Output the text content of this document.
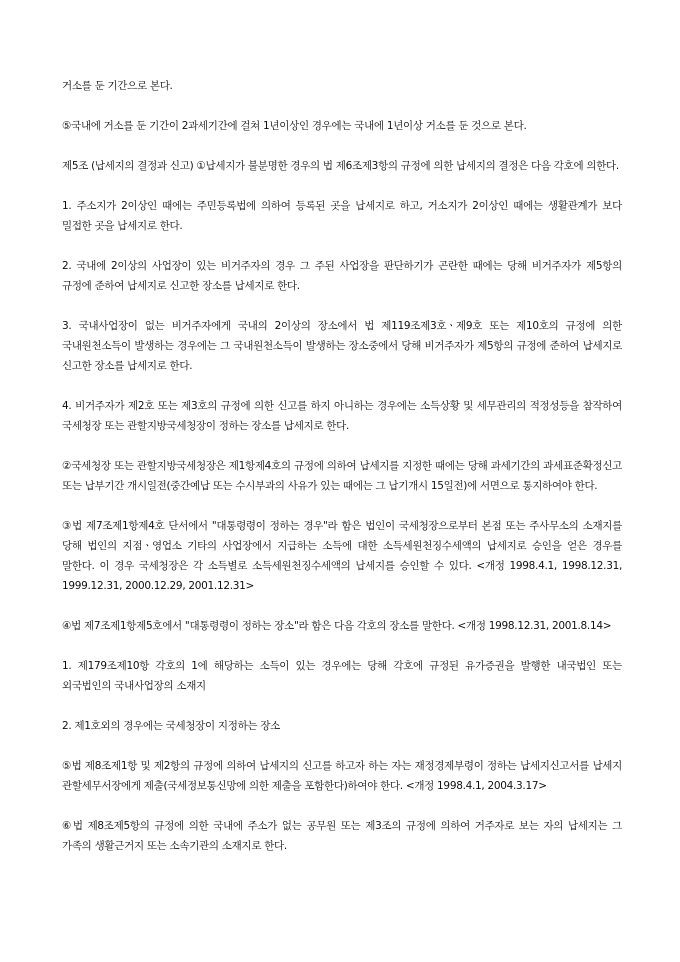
거소를 둔 기간으로 본다.

⑤국내에 거소를 둔 기간이 2과세기간에 걸쳐 1년이상인 경우에는 국내에 1년이상 거소를 둔 것으로 본다.

제5조 (납세지의 결정과 신고) ①납세지가 불분명한 경우의 법 제6조제3항의 규정에 의한 납세지의 결정은 다음 각호에 의한다.

1. 주소지가 2이상인 때에는 주민등록법에 의하여 등록된 곳을 납세지로 하고, 거소지가 2이상인 때에는 생활관계가 보다 밀접한 곳을 납세지로 한다.

2. 국내에 2이상의 사업장이 있는 비거주자의 경우 그 주된 사업장을 판단하기가 곤란한 때에는 당해 비거주자가 제5항의 규정에 준하여 납세지로 신고한 장소를 납세지로 한다.

3. 국내사업장이 없는 비거주자에게 국내의 2이상의 장소에서 법 제119조제3호ㆍ제9호 또는 제10호의 규정에 의한 국내원천소득이 발생하는 경우에는 그 국내원천소득이 발생하는 장소중에서 당해 비거주자가 제5항의 규정에 준하여 납세지로 신고한 장소를 납세지로 한다.

4. 비거주자가 제2호 또는 제3호의 규정에 의한 신고를 하지 아니하는 경우에는 소득상황 및 세무관리의 적정성등을 참작하여 국세청장 또는 관할지방국세청장이 정하는 장소를 납세지로 한다.

②국세청장 또는 관할지방국세청장은 제1항제4호의 규정에 의하여 납세지를 지정한 때에는 당해 과세기간의 과세표준확정신고 또는 납부기간 개시일전(중간예납 또는 수시부과의 사유가 있는 때에는 그 납기개시 15일전)에 서면으로 통지하여야 한다.

③법 제7조제1항제4호 단서에서 "대통령령이 정하는 경우"라 함은 법인이 국세청장으로부터 본점 또는 주사무소의 소재지를 당해 법인의 지점ㆍ영업소 기타의 사업장에서 지급하는 소득에 대한 소득세원천징수세액의 납세지로 승인을 얻은 경우를 말한다. 이 경우 국세청장은 각 소득별로 소득세원천징수세액의 납세지를 승인할 수 있다. <개정 1998.4.1, 1998.12.31, 1999.12.31, 2000.12.29, 2001.12.31>

④법 제7조제1항제5호에서 "대통령령이 정하는 장소"라 함은 다음 각호의 장소를 말한다. <개정 1998.12.31, 2001.8.14>

1. 제179조제10항 각호의 1에 해당하는 소득이 있는 경우에는 당해 각호에 규정된 유가증권을 발행한 내국법인 또는 외국법인의 국내사업장의 소재지

2. 제1호외의 경우에는 국세청장이 지정하는 장소

⑤법 제8조제1항 및 제2항의 규정에 의하여 납세지의 신고를 하고자 하는 자는 재정경제부령이 정하는 납세지신고서를 납세지 관할세무서장에게 제출(국세정보통신망에 의한 제출을 포함한다)하여야 한다. <개정 1998.4.1, 2004.3.17>

⑥법 제8조제5항의 규정에 의한 국내에 주소가 없는 공무원 또는 제3조의 규정에 의하여 거주자로 보는 자의 납세지는 그 가족의 생활근거지 또는 소속기관의 소재지로 한다.
